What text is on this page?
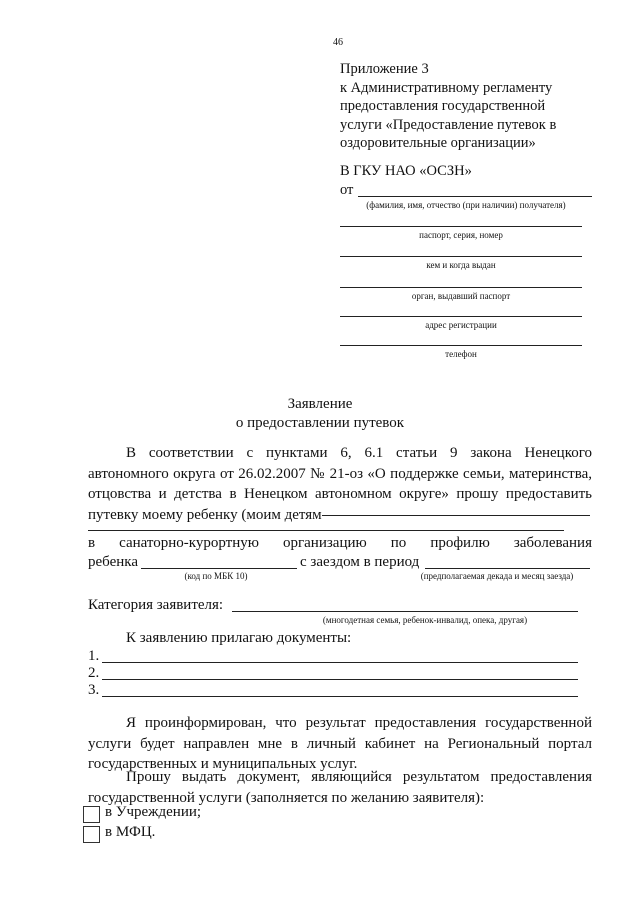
46
Приложение 3
к Административному регламенту
предоставления государственной
услуги «Предоставление путевок в
оздоровительные организации»
В ГКУ НАО «ОСЗН»
от
(фамилия, имя, отчество (при наличии) получателя)
паспорт, серия, номер
кем и когда выдан
орган, выдавший паспорт
адрес регистрации
телефон
Заявление
о предоставлении путевок
В соответствии с пунктами 6, 6.1 статьи 9 закона Ненецкого автономного округа от 26.02.2007 № 21-оз «О поддержке семьи, материнства, отцовства и детства в Ненецком автономном округе» прошу предоставить путевку моему ребенку (моим детям
в санаторно-курортную организацию по профилю заболевания
ребенка	с заездом в период
(код по МБК 10)	(предполагаемая декада и месяц заезда)
Категория заявителя:
(многодетная семья, ребенок-инвалид, опека, другая)
К заявлению прилагаю документы:
1.
2.
3.
Я проинформирован, что результат предоставления государственной услуги будет направлен мне в личный кабинет на Региональный портал государственных и муниципальных услуг.
Прошу выдать документ, являющийся результатом предоставления государственной услуги (заполняется по желанию заявителя):
в Учреждении;
в МФЦ.
